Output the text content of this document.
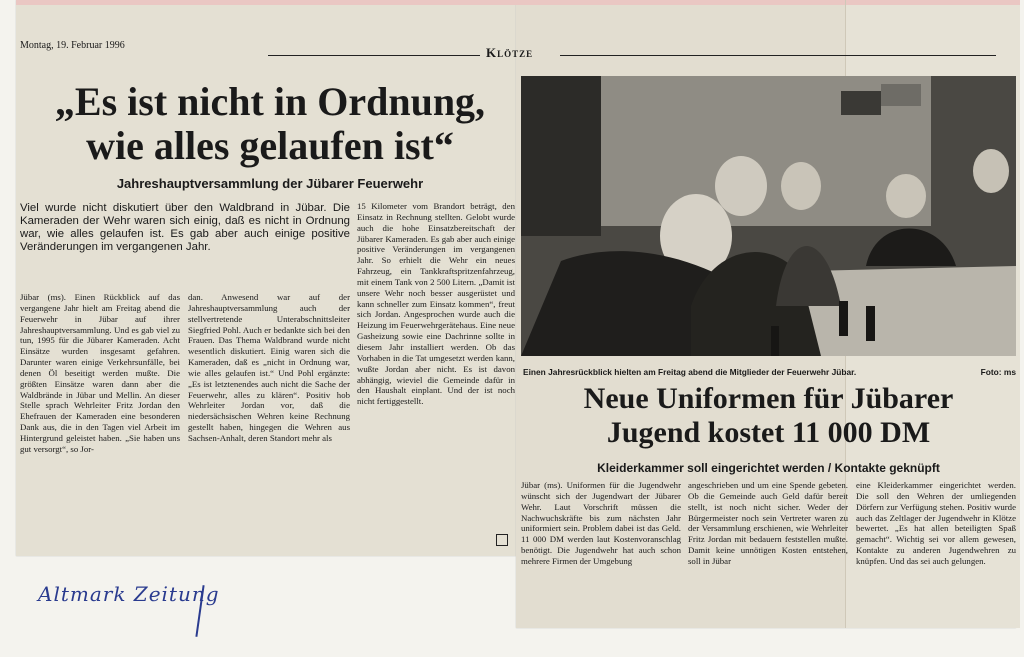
Montag, 19. Februar 1996	Klötze
„Es ist nicht in Ordnung,
wie alles gelaufen ist“
Jahreshauptversammlung der Jübarer Feuerwehr
Viel wurde nicht diskutiert über den Waldbrand in Jübar. Die Kameraden der Wehr waren sich einig, daß es nicht in Ordnung war, wie alles gelaufen ist. Es gab aber auch einige positive Veränderungen im vergangenen Jahr.
Jübar (ms). Einen Rückblick auf das vergangene Jahr hielt am Freitag abend die Feuerwehr in Jübar auf ihrer Jahreshauptversammlung. Und es gab viel zu tun, 1995 für die Jübarer Kameraden. Acht Einsätze wurden insgesamt gefahren. Darunter waren einige Verkehrsunfälle, bei denen Öl beseitigt werden mußte. Die größten Einsätze waren dann aber die Waldbrände in Jübar und Mellin. An dieser Stelle sprach Wehrleiter Fritz Jordan den Ehefrauen der Kameraden eine besonderen Dank aus, die in den Tagen viel Arbeit im Hintergrund geleistet haben. „Sie haben uns gut versorgt“, so Jor-
dan. Anwesend war auf der Jahreshauptversammlung auch der stellvertretende Unterabschnittsleiter Siegfried Pohl. Auch er bedankte sich bei den Frauen. Das Thema Waldbrand wurde nicht wesentlich diskutiert. Einig waren sich die Kameraden, daß es „nicht in Ordnung war, wie alles gelaufen ist.“ Und Pohl ergänzte: „Es ist letztenendes auch nicht die Sache der Feuerwehr, alles zu klären“. Positiv hob Wehrleiter Jordan vor, daß die niedersächsischen Wehren keine Rechnung gestellt haben, hingegen die Wehren aus Sachsen-Anhalt, deren Standort mehr als
15 Kilometer vom Brandort beträgt, den Einsatz in Rechnung stellten. Gelobt wurde auch die hohe Einsatzbereitschaft der Jübarer Kameraden. Es gab aber auch einige positive Veränderungen im vergangenen Jahr. So erhielt die Wehr ein neues Fahrzeug, ein Tankkraftspritzenfahrzeug, mit einem Tank von 2 500 Litern. „Damit ist unsere Wehr noch besser ausgerüstet und kann schneller zum Einsatz kommen“, freut sich Jordan. Angesprochen wurde auch die Heizung im Feuerwehrgerätehaus. Eine neue Gasheizung sowie eine Dachrinne sollte in diesem Jahr installiert werden. Ob das Vorhaben in die Tat umgesetzt werden kann, wußte Jordan aber nicht. Es ist davon abhängig, wieviel die Gemeinde dafür in den Haushalt einplant. Und der ist noch nicht fertiggestellt.
Einen Jahresrückblick hielten am Freitag abend die Mitglieder der Feuerwehr Jübar.	Foto: ms
Neue Uniformen für Jübarer
Jugend kostet 11 000 DM
Kleiderkammer soll eingerichtet werden / Kontakte geknüpft
Jübar (ms). Uniformen für die Jugendwehr wünscht sich der Jugendwart der Jübarer Wehr. Laut Vorschrift müssen die Nachwuchskräfte bis zum nächsten Jahr uniformiert sein. Problem dabei ist das Geld. 11 000 DM werden laut Kostenvoranschlag benötigt. Die Jugendwehr hat auch schon mehrere Firmen der Umgebung
angeschrieben und um eine Spende gebeten. Ob die Gemeinde auch Geld dafür bereit stellt, ist noch nicht sicher. Weder der Bürgermeister noch sein Vertreter waren zu der Versammlung erschienen, wie Wehrleiter Fritz Jordan mit bedauern feststellen mußte. Damit keine unnötigen Kosten entstehen, soll in Jübar
eine Kleiderkammer eingerichtet werden. Die soll den Wehren der umliegenden Dörfern zur Verfügung stehen. Positiv wurde auch das Zeltlager der Jugendwehr in Klötze bewertet. „Es hat allen beteiligten Spaß gemacht“. Wichtig sei vor allem gewesen, Kontakte zu anderen Jugendwehren zu knüpfen. Und das sei auch gelungen.
Altmark Zeitung
